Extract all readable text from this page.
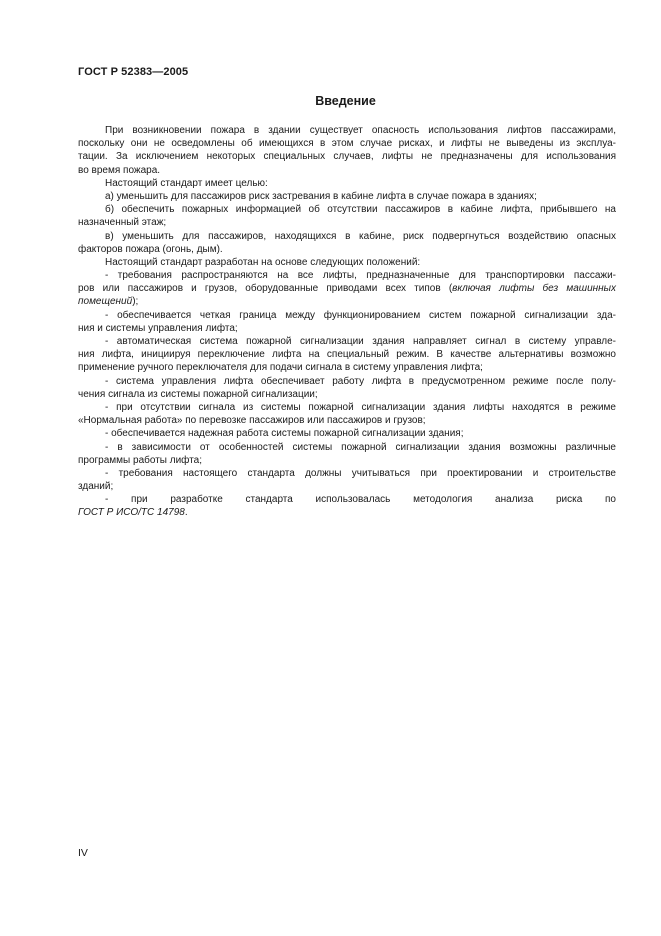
ГОСТ Р 52383—2005
Введение
При возникновении пожара в здании существует опасность использования лифтов пассажирами,
поскольку они не осведомлены об имеющихся в этом случае рисках, и лифты не выведены из эксплуа-
тации. За исключением некоторых специальных случаев, лифты не предназначены для использования
во время пожара.
Настоящий стандарт имеет целью:
а) уменьшить для пассажиров риск застревания в кабине лифта в случае пожара в зданиях;
б) обеспечить пожарных информацией об отсутствии пассажиров в кабине лифта, прибывшего на
назначенный этаж;
в) уменьшить для пассажиров, находящихся в кабине, риск подвергнуться воздействию опасных
факторов пожара (огонь, дым).
Настоящий стандарт разработан на основе следующих положений:
- требования распространяются на все лифты, предназначенные для транспортировки пассажи-
ров или пассажиров и грузов, оборудованные приводами всех типов (включая лифты без машинных
помещений);
- обеспечивается четкая граница между функционированием систем пожарной сигнализации зда-
ния и системы управления лифта;
- автоматическая система пожарной сигнализации здания направляет сигнал в систему управле-
ния лифта, инициируя переключение лифта на специальный режим. В качестве альтернативы возможно
применение ручного переключателя для подачи сигнала в систему управления лифта;
- система управления лифта обеспечивает работу лифта в предусмотренном режиме после полу-
чения сигнала из системы пожарной сигнализации;
- при отсутствии сигнала из системы пожарной сигнализации здания лифты находятся в режиме
«Нормальная работа» по перевозке пассажиров или пассажиров и грузов;
- обеспечивается надежная работа системы пожарной сигнализации здания;
- в зависимости от особенностей системы пожарной сигнализации здания возможны различные
программы работы лифта;
- требования настоящего стандарта должны учитываться при проектировании и строительстве
зданий;
- при разработке стандарта использовалась методология анализа риска по
ГОСТ Р ИСО/ТС 14798.
IV
